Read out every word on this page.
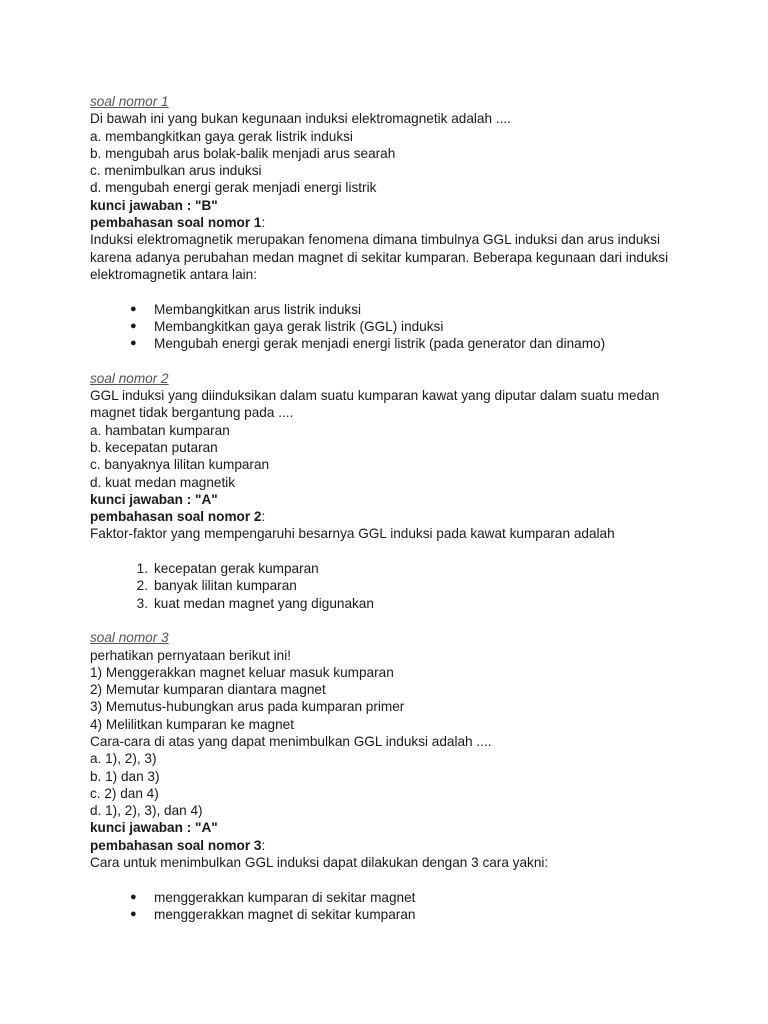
soal nomor 1
Di bawah ini yang bukan kegunaan induksi elektromagnetik adalah ....
a. membangkitkan gaya gerak listrik induksi
b. mengubah arus bolak-balik menjadi arus searah
c. menimbulkan arus induksi
d. mengubah energi gerak menjadi energi listrik
kunci jawaban : "B"
pembahasan soal nomor 1:
Induksi elektromagnetik merupakan fenomena dimana timbulnya GGL induksi dan arus induksi karena adanya perubahan medan magnet di sekitar kumparan. Beberapa kegunaan dari induksi elektromagnetik antara lain:
● Membangkitkan arus listrik induksi
● Membangkitkan gaya gerak listrik (GGL) induksi
● Mengubah energi gerak menjadi energi listrik (pada generator dan dinamo)
soal nomor 2
GGL induksi yang diinduksikan dalam suatu kumparan kawat yang diputar dalam suatu medan magnet tidak bergantung pada ....
a. hambatan kumparan
b. kecepatan putaran
c. banyaknya lilitan kumparan
d. kuat medan magnetik
kunci jawaban : "A"
pembahasan soal nomor 2:
Faktor-faktor yang mempengaruhi besarnya GGL induksi pada kawat kumparan adalah
1. kecepatan gerak kumparan
2. banyak lilitan kumparan
3. kuat medan magnet yang digunakan
soal nomor 3
perhatikan pernyataan berikut ini!
1) Menggerakkan magnet keluar masuk kumparan
2) Memutar kumparan diantara magnet
3) Memutus-hubungkan arus pada kumparan primer
4) Melilitkan kumparan ke magnet
Cara-cara di atas yang dapat menimbulkan GGL induksi adalah ....
a. 1), 2), 3)
b. 1) dan 3)
c. 2) dan 4)
d. 1), 2), 3), dan 4)
kunci jawaban : "A"
pembahasan soal nomor 3:
Cara untuk menimbulkan GGL induksi dapat dilakukan dengan 3 cara yakni:
● menggerakkan kumparan di sekitar magnet
● menggerakkan magnet di sekitar kumparan
